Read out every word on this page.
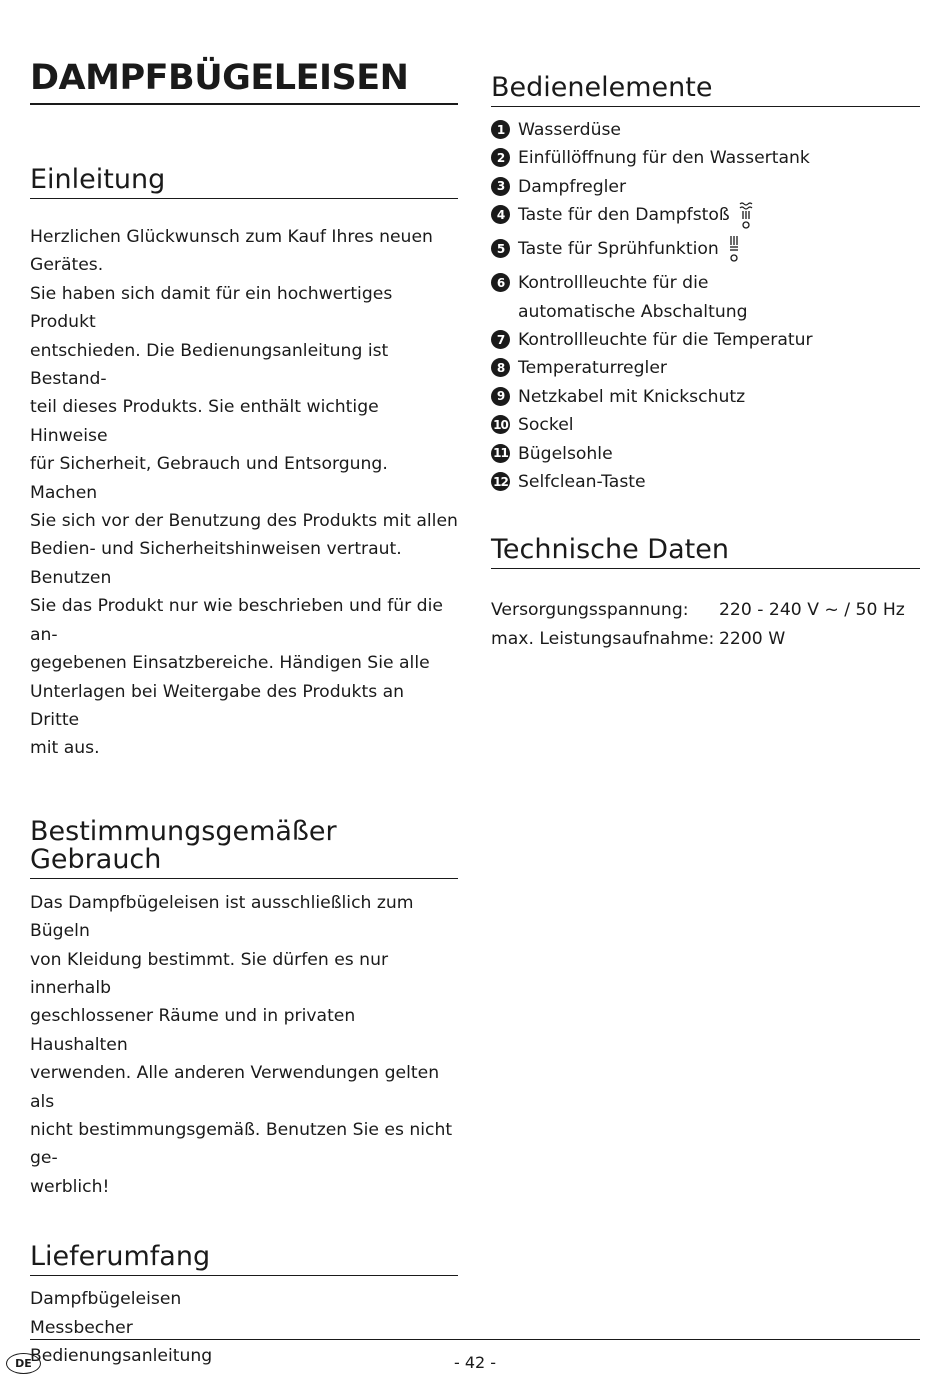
DAMPFBÜGELEISEN
Einleitung
Herzlichen Glückwunsch zum Kauf Ihres neuen
Gerätes.
Sie haben sich damit für ein hochwertiges Produkt
entschieden. Die Bedienungsanleitung ist Bestand-
teil dieses Produkts. Sie enthält wichtige Hinweise
für Sicherheit, Gebrauch und Entsorgung. Machen
Sie sich vor der Benutzung des Produkts mit allen
Bedien- und Sicherheitshinweisen vertraut. Benutzen
Sie das Produkt nur wie beschrieben und für die an-
gegebenen Einsatzbereiche. Händigen Sie alle
Unterlagen bei Weitergabe des Produkts an Dritte
mit aus.
Bestimmungsgemäßer
Gebrauch
Das Dampfbügeleisen ist ausschließlich zum Bügeln
von Kleidung bestimmt. Sie dürfen es nur innerhalb
geschlossener Räume und in privaten Haushalten
verwenden. Alle anderen Verwendungen gelten als
nicht bestimmungsgemäß. Benutzen Sie es nicht ge-
werblich!
Lieferumfang
Dampfbügeleisen
Messbecher
Bedienungsanleitung
Bedienelemente
1 Wasserdüse
2 Einfüllöffnung für den Wassertank
3 Dampfregler
4 Taste für den Dampfstoß
5 Taste für Sprühfunktion
6 Kontrollleuchte für die
automatische Abschaltung
7 Kontrollleuchte für die Temperatur
8 Temperaturregler
9 Netzkabel mit Knickschutz
10 Sockel
11 Bügelsohle
12 Selfclean-Taste
Technische Daten
Versorgungsspannung:	220 - 240 V ~ / 50 Hz
max. Leistungsaufnahme:	2200 W
DE	- 42 -
